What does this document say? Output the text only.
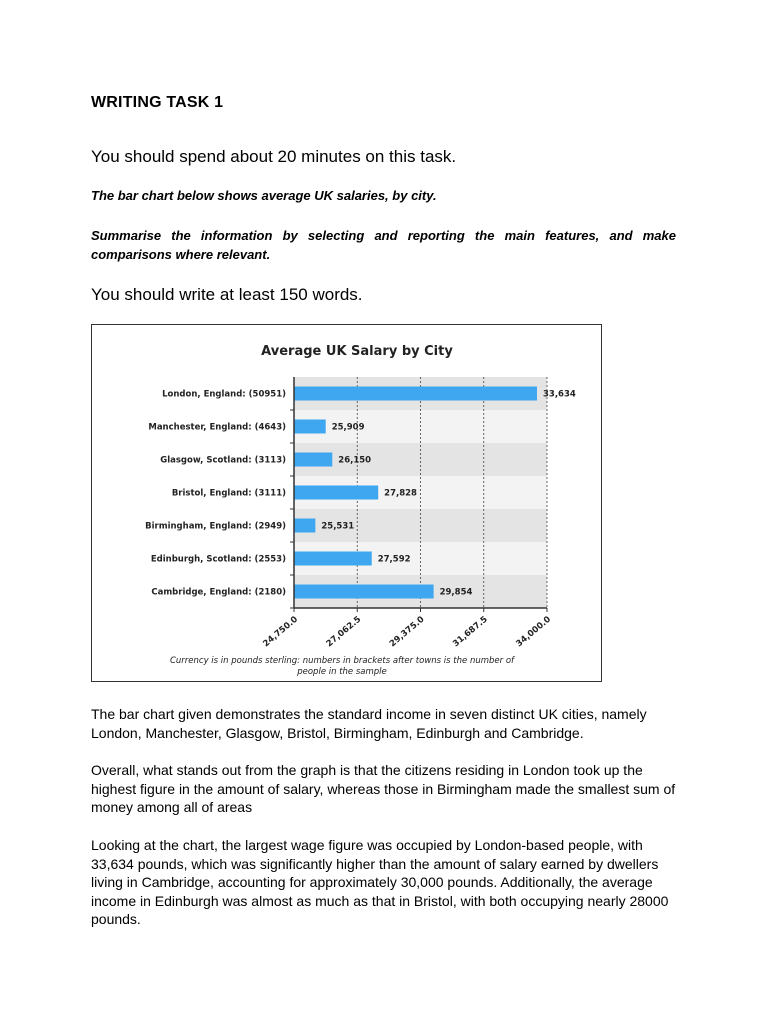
WRITING TASK 1
You should spend about 20 minutes on this task.
The bar chart below shows average UK salaries, by city.
Summarise the information by selecting and reporting the main features, and make comparisons where relevant.
You should write at least 150 words.
Average UK Salary by City
London, England: (50951)	33,634
Manchester, England: (4643)	25,909
Glasgow, Scotland: (3113)	26,150
Bristol, England: (3111)	27,828
Birmingham, England: (2949)	25,531
Edinburgh, Scotland: (2553)	27,592
Cambridge, England: (2180)	29,854
24,750.0	27,062.5	29,375.0	31,687.5	34,000.0
Currency is in pounds sterling: numbers in brackets after towns is the number of
people in the sample
The bar chart given demonstrates the standard income in seven distinct UK cities, namely London, Manchester, Glasgow, Bristol, Birmingham, Edinburgh and Cambridge.
Overall, what stands out from the graph is that the citizens residing in London took up the highest figure in the amount of salary, whereas those in Birmingham made the smallest sum of money among all of areas
Looking at the chart, the largest wage figure was occupied by London-based people, with 33,634 pounds, which was significantly higher than the amount of salary earned by dwellers living in Cambridge, accounting for approximately 30,000 pounds. Additionally, the average income in Edinburgh was almost as much as that in Bristol, with both occupying nearly 28000 pounds.
